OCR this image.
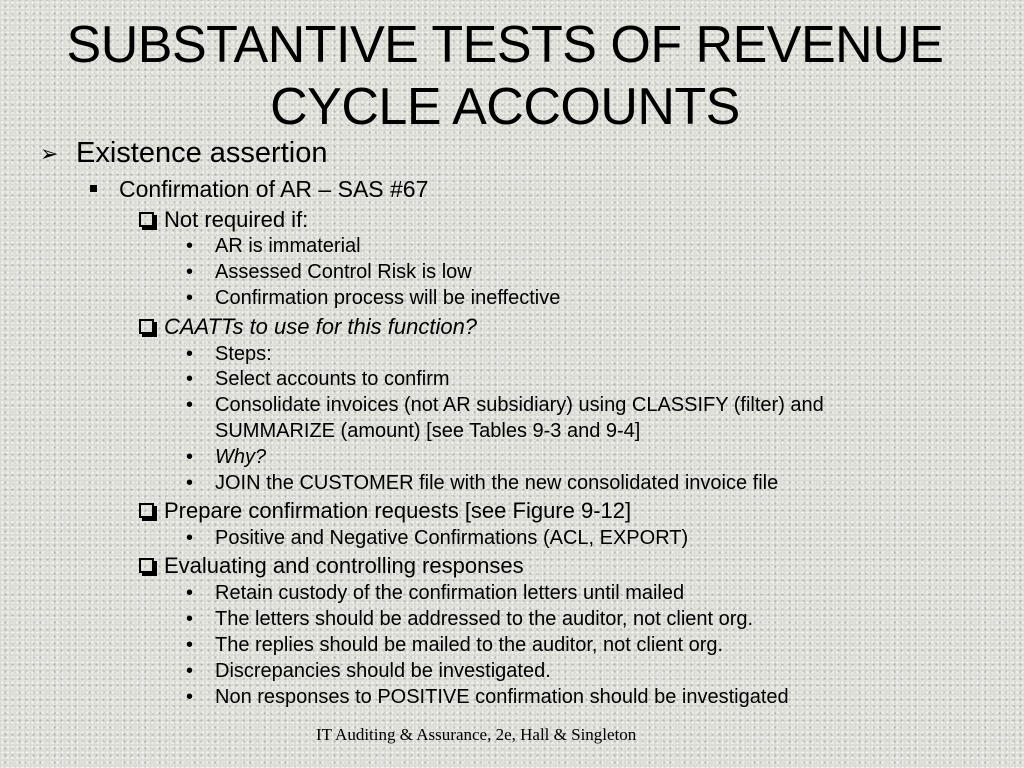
SUBSTANTIVE TESTS OF REVENUE
CYCLE ACCOUNTS
➢ Existence assertion
Confirmation of AR – SAS #67
Not required if:
• AR is immaterial
• Assessed Control Risk is low
• Confirmation process will be ineffective
CAATTs to use for this function?
• Steps:
• Select accounts to confirm
• Consolidate invoices (not AR subsidiary) using CLASSIFY (filter) and
SUMMARIZE (amount) [see Tables 9-3 and 9-4]
• Why?
• JOIN the CUSTOMER file with the new consolidated invoice file
Prepare confirmation requests [see Figure 9-12]
• Positive and Negative Confirmations (ACL, EXPORT)
Evaluating and controlling responses
• Retain custody of the confirmation letters until mailed
• The letters should be addressed to the auditor, not client org.
• The replies should be mailed to the auditor, not client org.
• Discrepancies should be investigated.
• Non responses to POSITIVE confirmation should be investigated
IT Auditing & Assurance, 2e, Hall & Singleton
